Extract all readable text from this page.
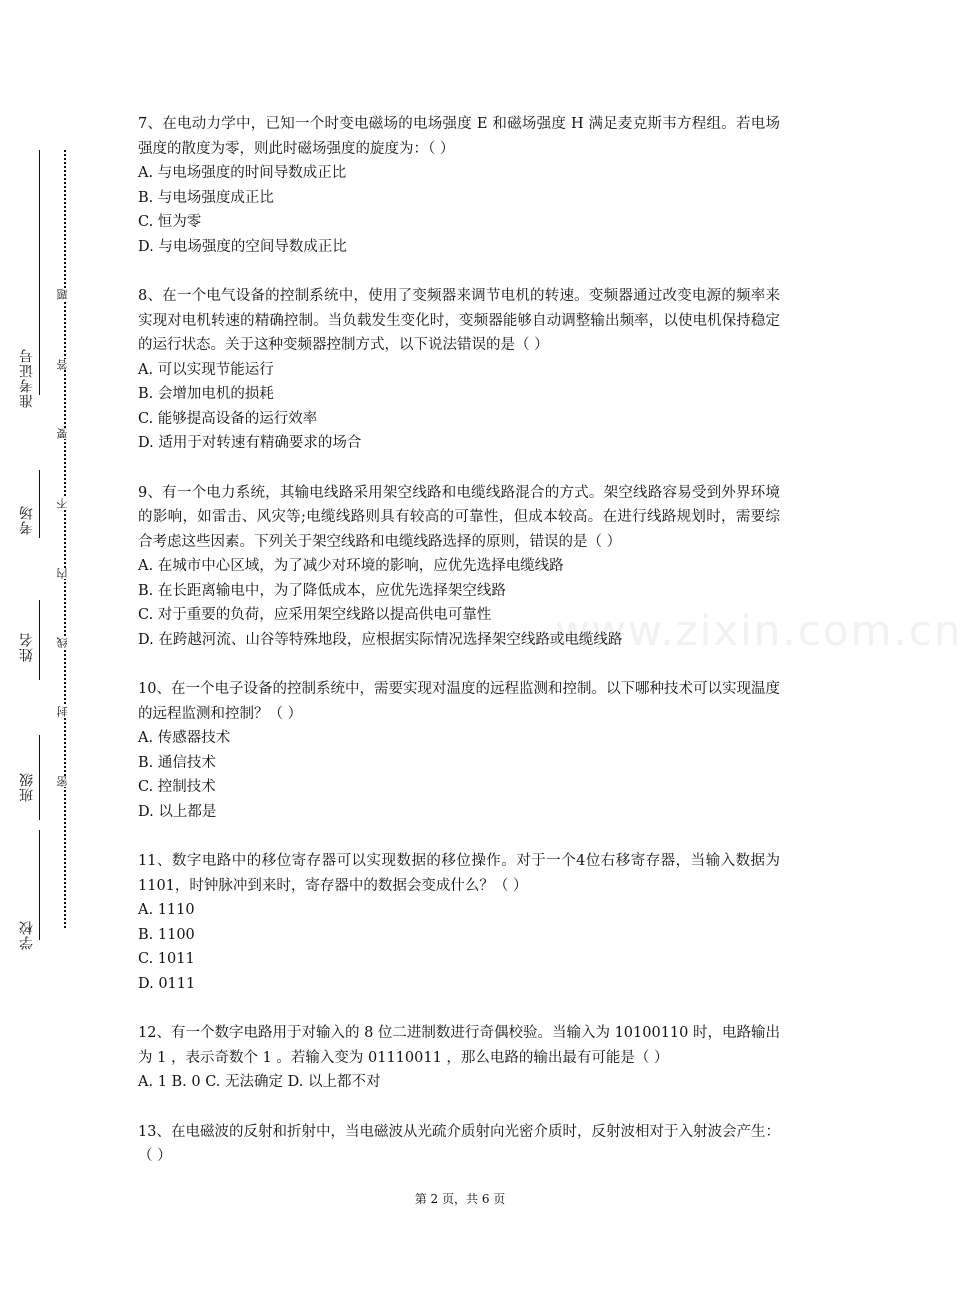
准考证号
考场
姓名
班级
学校
题
答
要
不
内
线
封
密
www.zixin.com.cn

7、在电动力学中，已知一个时变电磁场的电场强度 E 和磁场强度 H 满足麦克斯韦方程组。若电场强度的散度为零，则此时磁场强度的旋度为：（ ）

A. 与电场强度的时间导数成正比

B. 与电场强度成正比

C. 恒为零

D. 与电场强度的空间导数成正比

8、在一个电气设备的控制系统中，使用了变频器来调节电机的转速。变频器通过改变电源的频率来实现对电机转速的精确控制。当负载发生变化时，变频器能够自动调整输出频率，以使电机保持稳定的运行状态。关于这种变频器控制方式，以下说法错误的是（ ）

A. 可以实现节能运行

B. 会增加电机的损耗

C. 能够提高设备的运行效率

D. 适用于对转速有精确要求的场合

9、有一个电力系统，其输电线路采用架空线路和电缆线路混合的方式。架空线路容易受到外界环境的影响，如雷击、风灾等;电缆线路则具有较高的可靠性，但成本较高。在进行线路规划时，需要综合考虑这些因素。下列关于架空线路和电缆线路选择的原则，错误的是（ ）

A. 在城市中心区域，为了减少对环境的影响，应优先选择电缆线路

B. 在长距离输电中，为了降低成本，应优先选择架空线路

C. 对于重要的负荷，应采用架空线路以提高供电可靠性

D. 在跨越河流、山谷等特殊地段，应根据实际情况选择架空线路或电缆线路

10、在一个电子设备的控制系统中，需要实现对温度的远程监测和控制。以下哪种技术可以实现温度的远程监测和控制？（ ）

A. 传感器技术

B. 通信技术

C. 控制技术

D. 以上都是

11、数字电路中的移位寄存器可以实现数据的移位操作。对于一个4位右移寄存器，当输入数据为 1101，时钟脉冲到来时，寄存器中的数据会变成什么？（ ）

A. 1110

B. 1100

C. 1011

D. 0111

12、有一个数字电路用于对输入的 8 位二进制数进行奇偶校验。当输入为 10100110 时，电路输出为 1 ，表示奇数个 1 。若输入变为 01110011 ，那么电路的输出最有可能是（ ）

A. 1 B. 0 C. 无法确定 D. 以上都不对

13、在电磁波的反射和折射中，当电磁波从光疏介质射向光密介质时，反射波相对于入射波会产生：（ ）

第 2 页，共 6 页
